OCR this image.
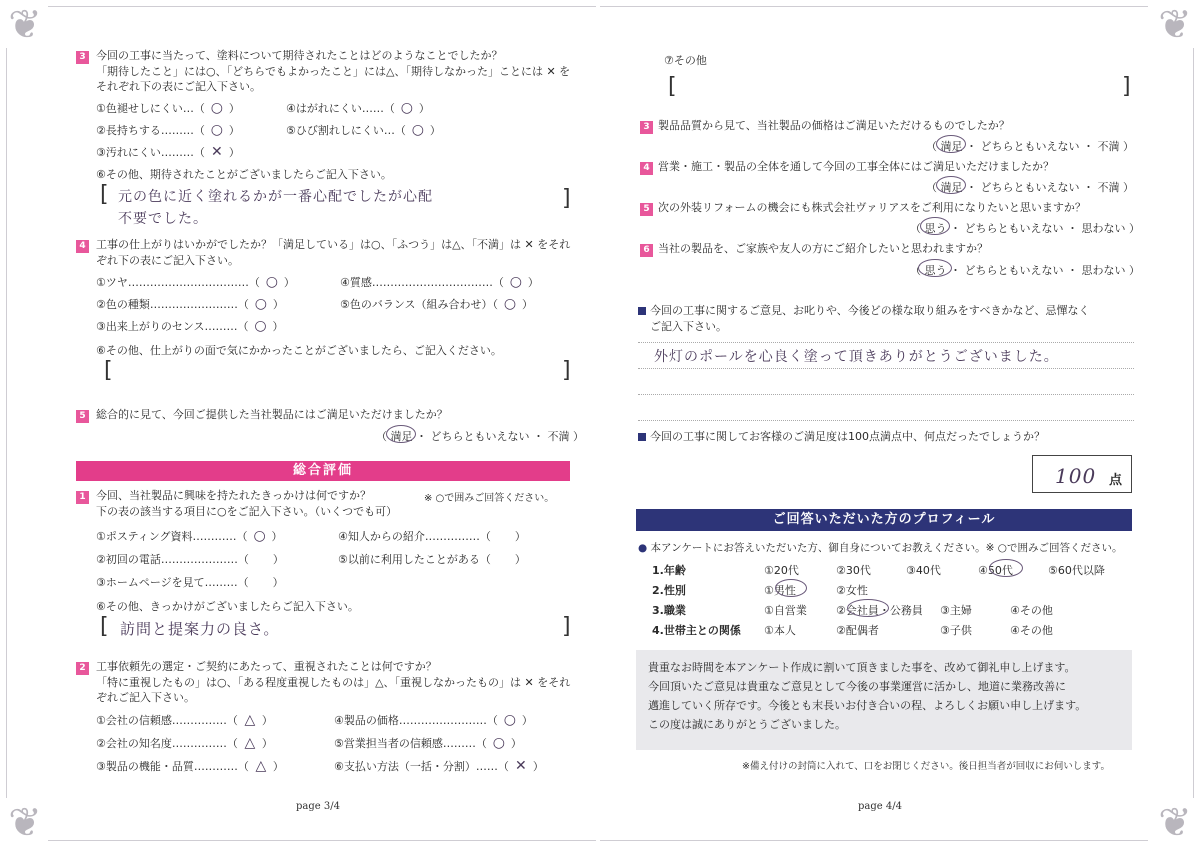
❦
❦
3 今回の工事に当たって、塗料について期待されたことはどのようなことでしたか？
「期待したこと」には○、「どちらでもよかったこと」には△、「期待しなかった」ことには ✕ を
それぞれ下の表にご記入下さい。
①色褪せしにくい…（ ○ ）
②長持ちする………（ ○ ）
③汚れにくい………（ ✕ ）
④はがれにくい……（ ○ ）
⑤ひび割れしにくい…（ ○ ）
⑥その他、期待されたことがございましたらご記入下さい。
[	]
元の色に近く塗れるかが一番心配でしたが心配
不要でした。
4 工事の仕上がりはいかがでしたか？「満足している」は○、「ふつう」は△、「不満」は ✕ をそれ
ぞれ下の表にご記入下さい。
①ツヤ……………………………（ ○ ）
②色の種類……………………（ ○ ）
③出来上がりのセンス………（ ○ ）
④質感……………………………（ ○ ）
⑤色のバランス（組み合わせ）（ ○ ）
⑥その他、仕上がりの面で気にかかったことがございましたら、ご記入ください。
[	]
5 総合的に見て、今回ご提供した当社製品にはご満足いただけましたか？
（ 満足 ・ どちらともいえない ・ 不満 ）
総合評価
1 今回、当社製品に興味を持たれたきっかけは何ですか？
下の表の該当する項目に○をご記入下さい。（いくつでも可）
※ ○で囲みご回答ください。
①ポスティング資料…………（ ○ ）
②初回の電話…………………（ ）
③ホームページを見て………（ ）
④知人からの紹介……………（ ）
⑤以前に利用したことがある（ ）
⑥その他、きっかけがございましたらご記入下さい。
[	]
訪問と提案力の良さ。
2 工事依頼先の選定・ご契約にあたって、重視されたことは何ですか？
「特に重視したもの」は○、「ある程度重視したものは」△、「重視しなかったもの」は ✕ をそれ
ぞれご記入下さい。
①会社の信頼感……………（ △ ）
②会社の知名度……………（ △ ）
③製品の機能・品質…………（ △ ）
④製品の価格……………………（ ○ ）
⑤営業担当者の信頼感………（ ○ ）
⑥支払い方法（一括・分割）……（ ✕ ）
page 3/4
❦
❦
⑦その他
[	]
3 製品品質から見て、当社製品の価格はご満足いただけるものでしたか？
（ 満足 ・ どちらともいえない ・ 不満 ）
4 営業・施工・製品の全体を通して今回の工事全体にはご満足いただけましたか？
（ 満足 ・ どちらともいえない ・ 不満 ）
5 次の外装リフォームの機会にも株式会社ヴァリアスをご利用になりたいと思いますか？
（ 思う ・ どちらともいえない ・ 思わない ）
6 当社の製品を、ご家族や友人の方にご紹介したいと思われますか？
（ 思う ・ どちらともいえない ・ 思わない ）
今回の工事に関するご意見、お叱りや、今後どの様な取り組みをすべきかなど、忌憚なく
ご記入下さい。
外灯のポールを心良く塗って頂きありがとうございました。
今回の工事に関してお客様のご満足度は100点満点中、何点だったでしょうか？
100 点
ご回答いただいた方のプロフィール
● 本アンケートにお答えいただいた方、御自身についてお教えください。※ ○で囲みご回答ください。
1.年齢	①20代	②30代	③40代	④50代	⑤60代以降
2.性別	①男性	②女性
3.職業	①自営業	②会社員・公務員 ③主婦	④その他
4.世帯主との関係 ①本人	②配偶者	③子供	④その他
貴重なお時間を本アンケート作成に割いて頂きました事を、改めて御礼申し上げます。
今回頂いたご意見は貴重なご意見として今後の事業運営に活かし、地道に業務改善に
邁進していく所存です。今後とも末長いお付き合いの程、よろしくお願い申し上げます。
この度は誠にありがとうございました。
※備え付けの封筒に入れて、口をお閉じください。後日担当者が回収にお伺いします。
page 4/4
